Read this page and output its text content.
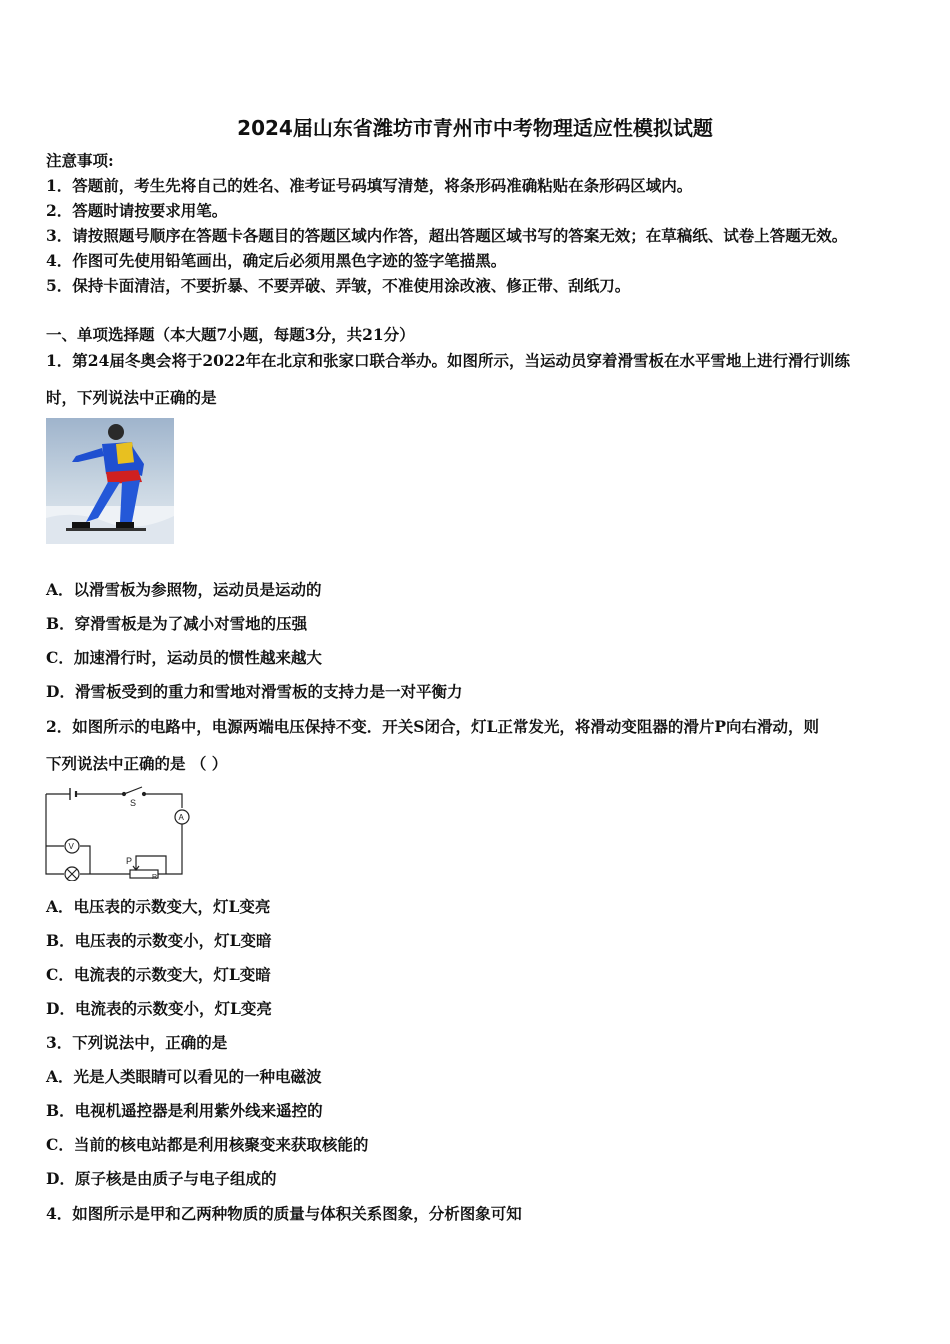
2024届山东省潍坊市青州市中考物理适应性模拟试题
注意事项:
1．答题前，考生先将自己的姓名、准考证号码填写清楚，将条形码准确粘贴在条形码区域内。
2．答题时请按要求用笔。
3．请按照题号顺序在答题卡各题目的答题区域内作答，超出答题区域书写的答案无效；在草稿纸、试卷上答题无效。
4．作图可先使用铅笔画出，确定后必须用黑色字迹的签字笔描黑。
5．保持卡面清洁，不要折暴、不要弄破、弄皱，不准使用涂改液、修正带、刮纸刀。
一、单项选择题（本大题7小题，每题3分，共21分）
1．第24届冬奥会将于2022年在北京和张家口联合举办。如图所示，当运动员穿着滑雪板在水平雪地上进行滑行训练
时，下列说法中正确的是
A．以滑雪板为参照物，运动员是运动的
B．穿滑雪板是为了减小对雪地的压强
C．加速滑行时，运动员的惯性越来越大
D．滑雪板受到的重力和雪地对滑雪板的支持力是一对平衡力
2．如图所示的电路中，电源两端电压保持不变．开关S闭合，灯L正常发光，将滑动变阻器的滑片P向右滑动，则
下列说法中正确的是 （ ）
S
A
V
P
R
A．电压表的示数变大，灯L变亮
B．电压表的示数变小，灯L变暗
C．电流表的示数变大，灯L变暗
D．电流表的示数变小，灯L变亮
3．下列说法中，正确的是
A．光是人类眼睛可以看见的一种电磁波
B．电视机遥控器是利用紫外线来遥控的
C．当前的核电站都是利用核聚变来获取核能的
D．原子核是由质子与电子组成的
4．如图所示是甲和乙两种物质的质量与体积关系图象，分析图象可知
